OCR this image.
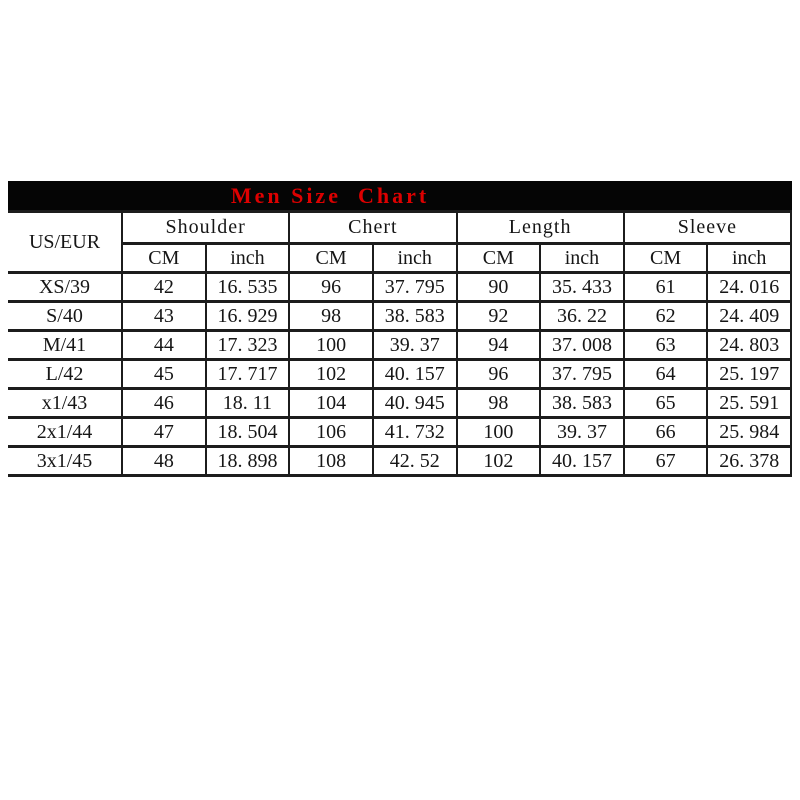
Men Size  Chart
US/EUR	Shoulder		Chert		Length		Sleeve	
	CM	inch	CM	inch	CM	inch	CM	inch
XS/39	42	16. 535	96	37. 795	90	35. 433	61	24. 016
S/40	43	16. 929	98	38. 583	92	36. 22	62	24. 409
M/41	44	17. 323	100	39. 37	94	37. 008	63	24. 803
L/42	45	17. 717	102	40. 157	96	37. 795	64	25. 197
x1/43	46	18. 11	104	40. 945	98	38. 583	65	25. 591
2x1/44	47	18. 504	106	41. 732	100	39. 37	66	25. 984
3x1/45	48	18. 898	108	42. 52	102	40. 157	67	26. 378
